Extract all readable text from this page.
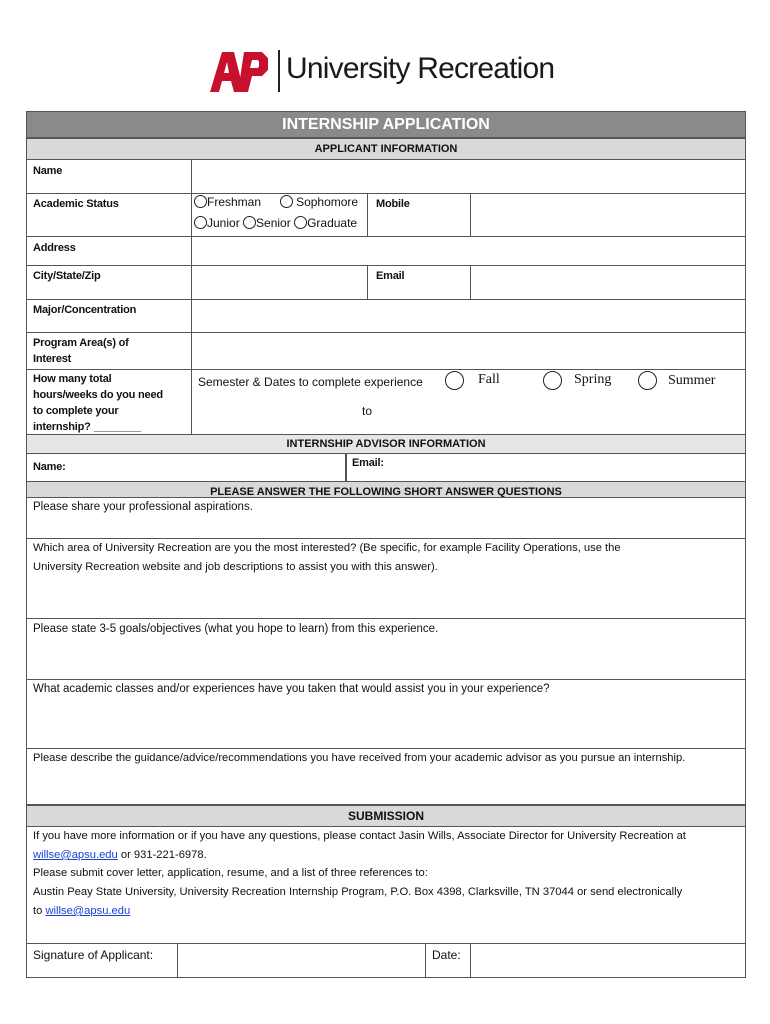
University Recreation
INTERNSHIP APPLICATION
APPLICANT INFORMATION
Name
Academic Status	Freshman	Sophomore
Junior Senior Graduate
Mobile
Address
City/State/Zip	Email
Major/Concentration
Program Area(s) of
Interest
How many total
hours/weeks do you need
to complete your
internship? ________
Semester & Dates to complete experience	Fall	Spring	Summer
to
INTERNSHIP ADVISOR INFORMATION
Name:	Email:
PLEASE ANSWER THE FOLLOWING SHORT ANSWER QUESTIONS
Please share your professional aspirations.
Which area of University Recreation are you the most interested? (Be specific, for example Facility Operations, use the
University Recreation website and job descriptions to assist you with this answer).
Please state 3-5 goals/objectives (what you hope to learn) from this experience.
What academic classes and/or experiences have you taken that would assist you in your experience?
Please describe the guidance/advice/recommendations you have received from your academic advisor as you pursue an internship.
SUBMISSION
If you have more information or if you have any questions, please contact Jasin Wills, Associate Director for University Recreation at
willse@apsu.edu or 931-221-6978.
Please submit cover letter, application, resume, and a list of three references to:
Austin Peay State University, University Recreation Internship Program, P.O. Box 4398, Clarksville, TN 37044 or send electronically
to willse@apsu.edu
Signature of Applicant:	Date:
